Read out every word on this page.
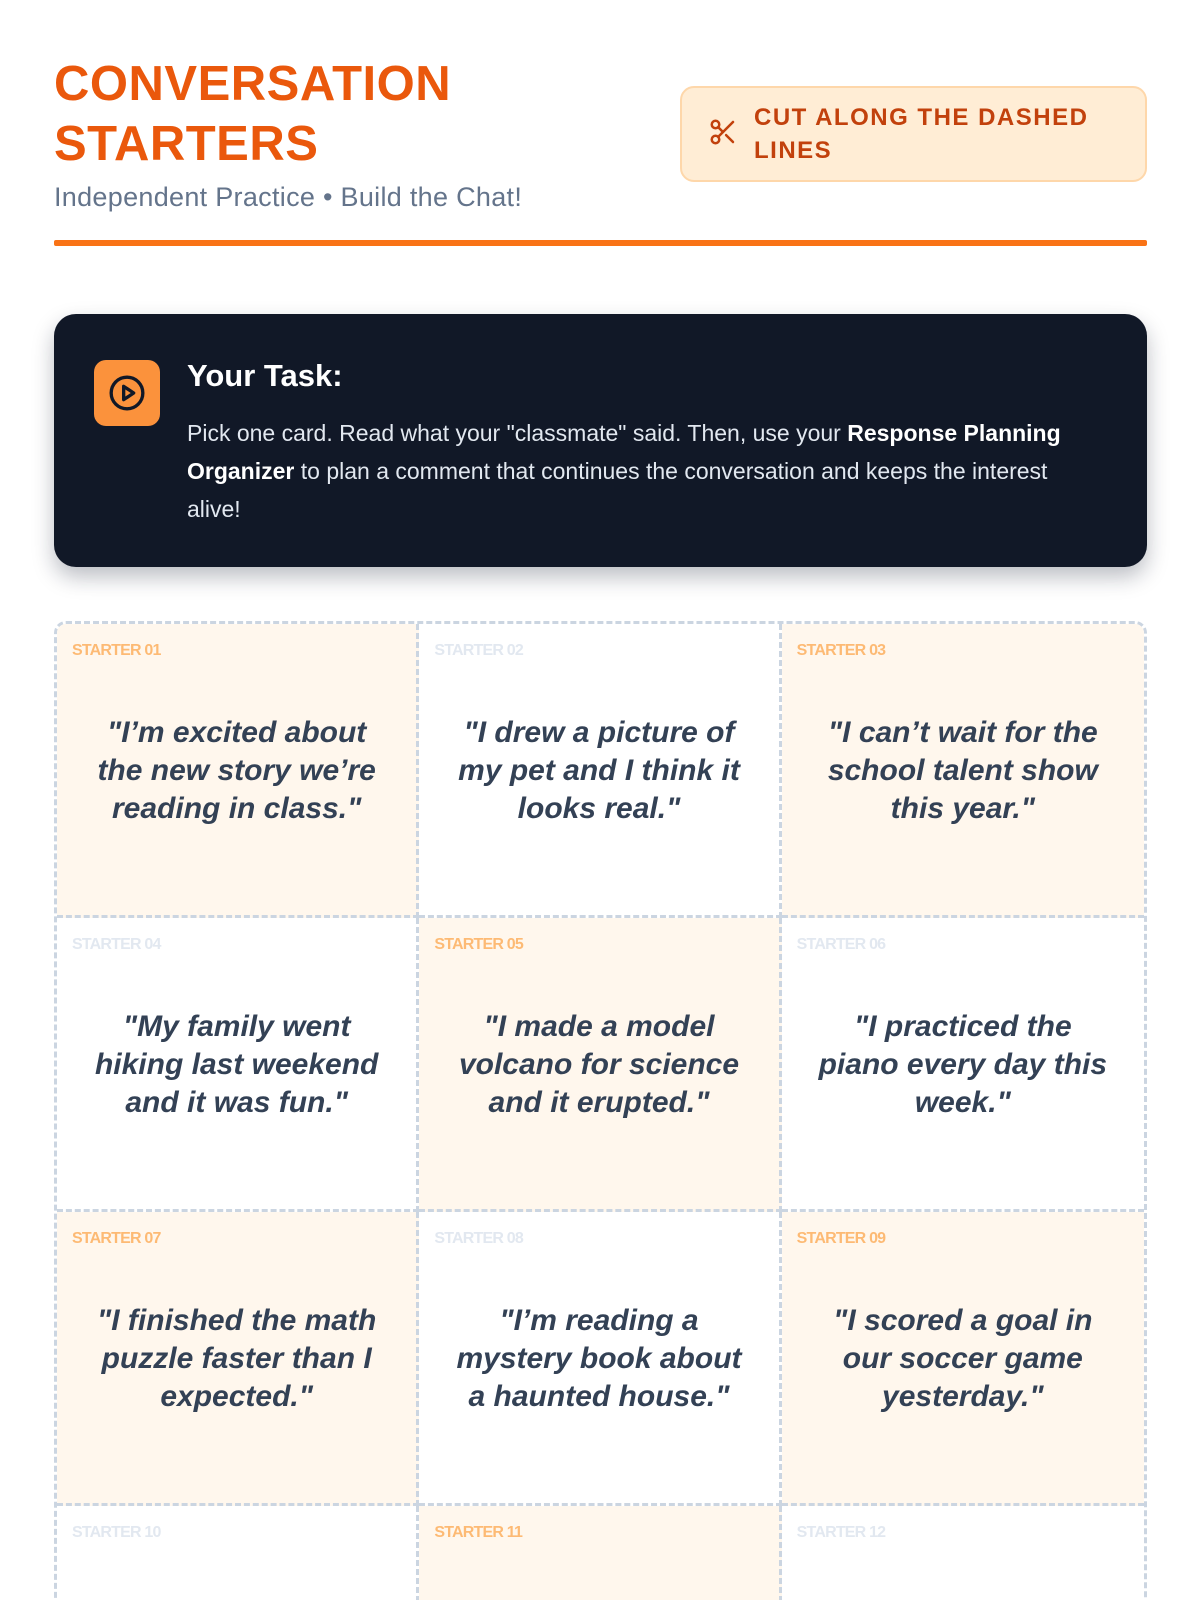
CONVERSATION STARTERS
Independent Practice • Build the Chat!
CUT ALONG THE DASHED LINES
Your Task:

Pick one card. Read what your "classmate" said. Then, use your Response Planning Organizer to plan a comment that continues the conversation and keeps the interest alive!

STARTER 01
"I’m excited about the new story we’re reading in class."
STARTER 02
"I drew a picture of my pet and I think it looks real."
STARTER 03
"I can’t wait for the school talent show this year."
STARTER 04
"My family went hiking last weekend and it was fun."
STARTER 05
"I made a model volcano for science and it erupted."
STARTER 06
"I practiced the piano every day this week."
STARTER 07
"I finished the math puzzle faster than I expected."
STARTER 08
"I’m reading a mystery book about a haunted house."
STARTER 09
"I scored a goal in our soccer game yesterday."
STARTER 10	STARTER 11	STARTER 12
